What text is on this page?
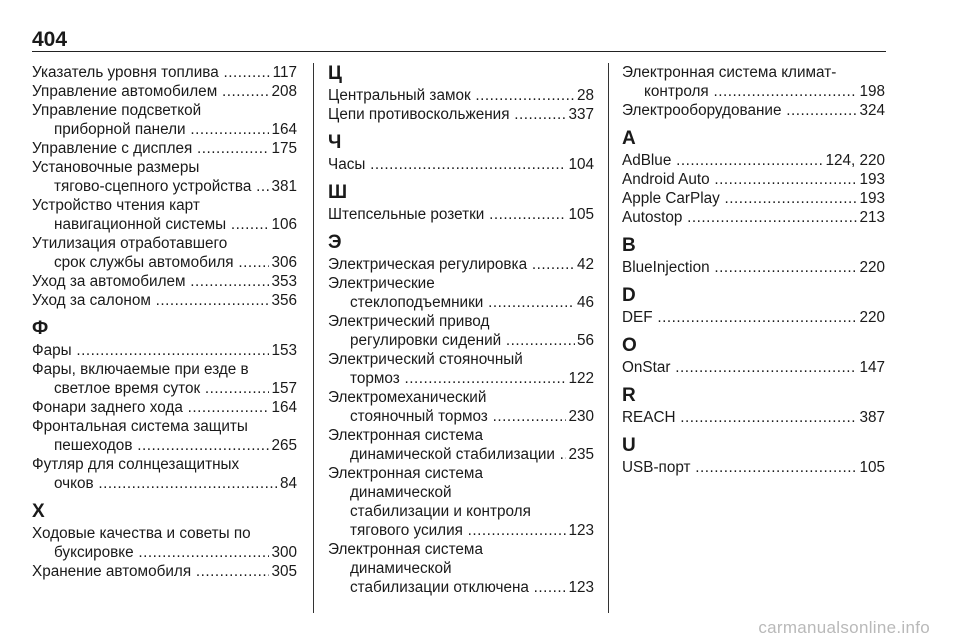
404
Указатель уровня топлива .....	117
Управление автомобилем .....	208
Управление подсветкой
приборной панели .....	164
Управление с дисплея .....	175
Установочные размеры
тягово-сцепного устройства .....	381
Устройство чтения карт
навигационной системы .....	106
Утилизация отработавшего
срок службы автомобиля .....	306
Уход за автомобилем .....	353
Уход за салоном .....	356
Ф
Фары .....	153
Фары, включаемые при езде в
светлое время суток .....	157
Фонари заднего хода .....	164
Фронтальная система защиты
пешеходов .....	265
Футляр для солнцезащитных
очков .....	84
Х
Ходовые качества и советы по
буксировке .....	300
Хранение автомобиля .....	305
Ц
Центральный замок .....	28
Цепи противоскольжения .....	337
Ч
Часы .....	104
Ш
Штепсельные розетки .....	105
Э
Электрическая регулировка .....	42
Электрические
стеклоподъемники .....	46
Электрический привод
регулировки сидений .....	56
Электрический стояночный
тормоз .....	122
Электромеханический
стояночный тормоз .....	230
Электронная система
динамической стабилизации ..... 235
Электронная система
динамической
стабилизации и контроля
тягового усилия .....	123
Электронная система
динамической
стабилизации отключена .....	123
Электронная система климат-
контроля .....	198
Электрооборудование .....	324
A
AdBlue .....	124, 220
Android Auto .....	193
Apple CarPlay .....	193
Autostop .....	213
B
BlueInjection .....	220
D
DEF .....	220
O
OnStar .....	147
R
REACH .....	387
U
USB-порт .....	105
carmanualsonline.info
